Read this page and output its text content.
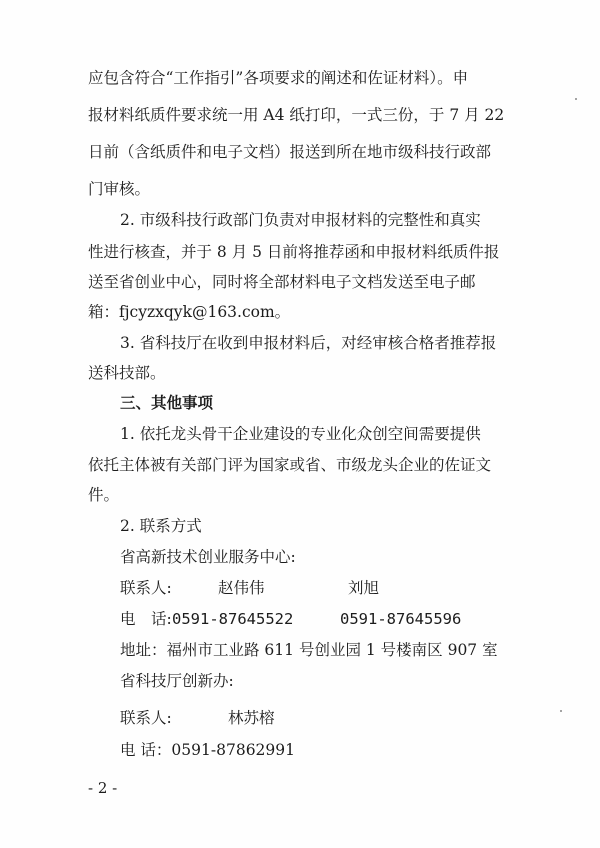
应包含符合“工作指引”各项要求的阐述和佐证材料）。申
报材料纸质件要求统一用 A4 纸打印，一式三份，于 7 月 22
日前（含纸质件和电子文档）报送到所在地市级科技行政部
门审核。
2. 市级科技行政部门负责对申报材料的完整性和真实
性进行核查，并于 8 月 5 日前将推荐函和申报材料纸质件报
送至省创业中心，同时将全部材料电子文档发送至电子邮
箱：fjcyzxqyk@163.com。
3. 省科技厅在收到申报材料后，对经审核合格者推荐报
送科技部。
三、其他事项
1. 依托龙头骨干企业建设的专业化众创空间需要提供
依托主体被有关部门评为国家或省、市级龙头企业的佐证文
件。
2. 联系方式
省高新技术创业服务中心:
联系人:	赵伟伟	刘旭
电　话: 0591-87645522	0591-87645596
地址：福州市工业路 611 号创业园 1 号楼南区 907 室
省科技厅创新办:
联系人:	林苏榕
电 话：0591-87862991
- 2 -
